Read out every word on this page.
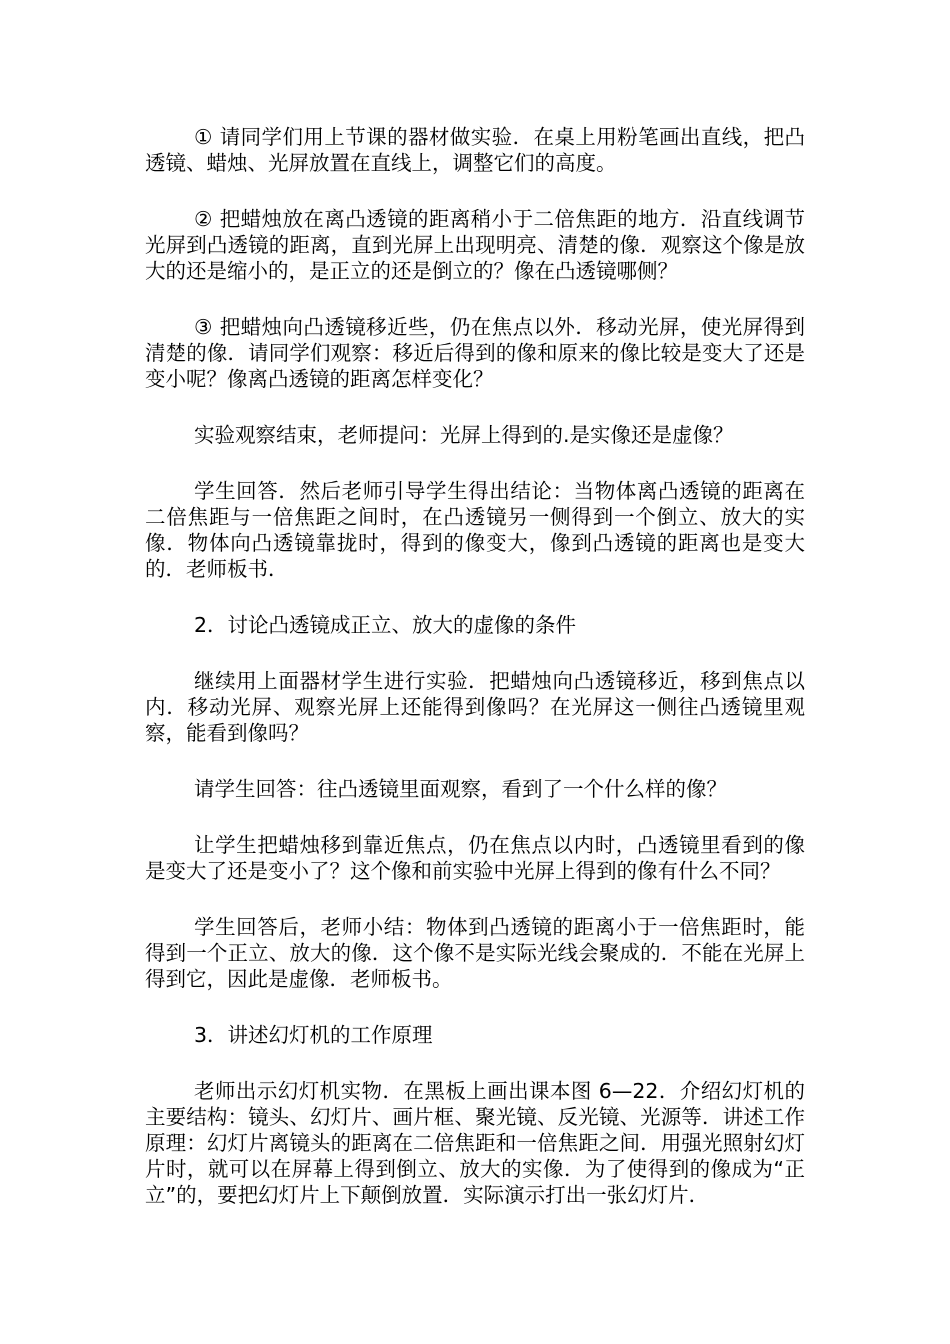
① 请同学们用上节课的器材做实验．在桌上用粉笔画出直线，把凸透镜、蜡烛、光屏放置在直线上，调整它们的高度。

② 把蜡烛放在离凸透镜的距离稍小于二倍焦距的地方．沿直线调节光屏到凸透镜的距离，直到光屏上出现明亮、清楚的像．观察这个像是放大的还是缩小的，是正立的还是倒立的？像在凸透镜哪侧？

③ 把蜡烛向凸透镜移近些，仍在焦点以外．移动光屏，使光屏得到清楚的像．请同学们观察：移近后得到的像和原来的像比较是变大了还是变小呢？像离凸透镜的距离怎样变化？

实验观察结束，老师提问：光屏上得到的.是实像还是虚像？

学生回答．然后老师引导学生得出结论：当物体离凸透镜的距离在二倍焦距与一倍焦距之间时，在凸透镜另一侧得到一个倒立、放大的实像．物体向凸透镜靠拢时，得到的像变大，像到凸透镜的距离也是变大的．老师板书．

2．讨论凸透镜成正立、放大的虚像的条件

继续用上面器材学生进行实验．把蜡烛向凸透镜移近，移到焦点以内．移动光屏、观察光屏上还能得到像吗？在光屏这一侧往凸透镜里观察，能看到像吗？

请学生回答：往凸透镜里面观察，看到了一个什么样的像？

让学生把蜡烛移到靠近焦点，仍在焦点以内时，凸透镜里看到的像是变大了还是变小了？这个像和前实验中光屏上得到的像有什么不同？

学生回答后，老师小结：物体到凸透镜的距离小于一倍焦距时，能得到一个正立、放大的像．这个像不是实际光线会聚成的．不能在光屏上得到它，因此是虚像．老师板书。

3．讲述幻灯机的工作原理

老师出示幻灯机实物．在黑板上画出课本图 6—22．介绍幻灯机的主要结构：镜头、幻灯片、画片框、聚光镜、反光镜、光源等．讲述工作原理：幻灯片离镜头的距离在二倍焦距和一倍焦距之间．用强光照射幻灯片时，就可以在屏幕上得到倒立、放大的实像．为了使得到的像成为“正立”的，要把幻灯片上下颠倒放置．实际演示打出一张幻灯片．
